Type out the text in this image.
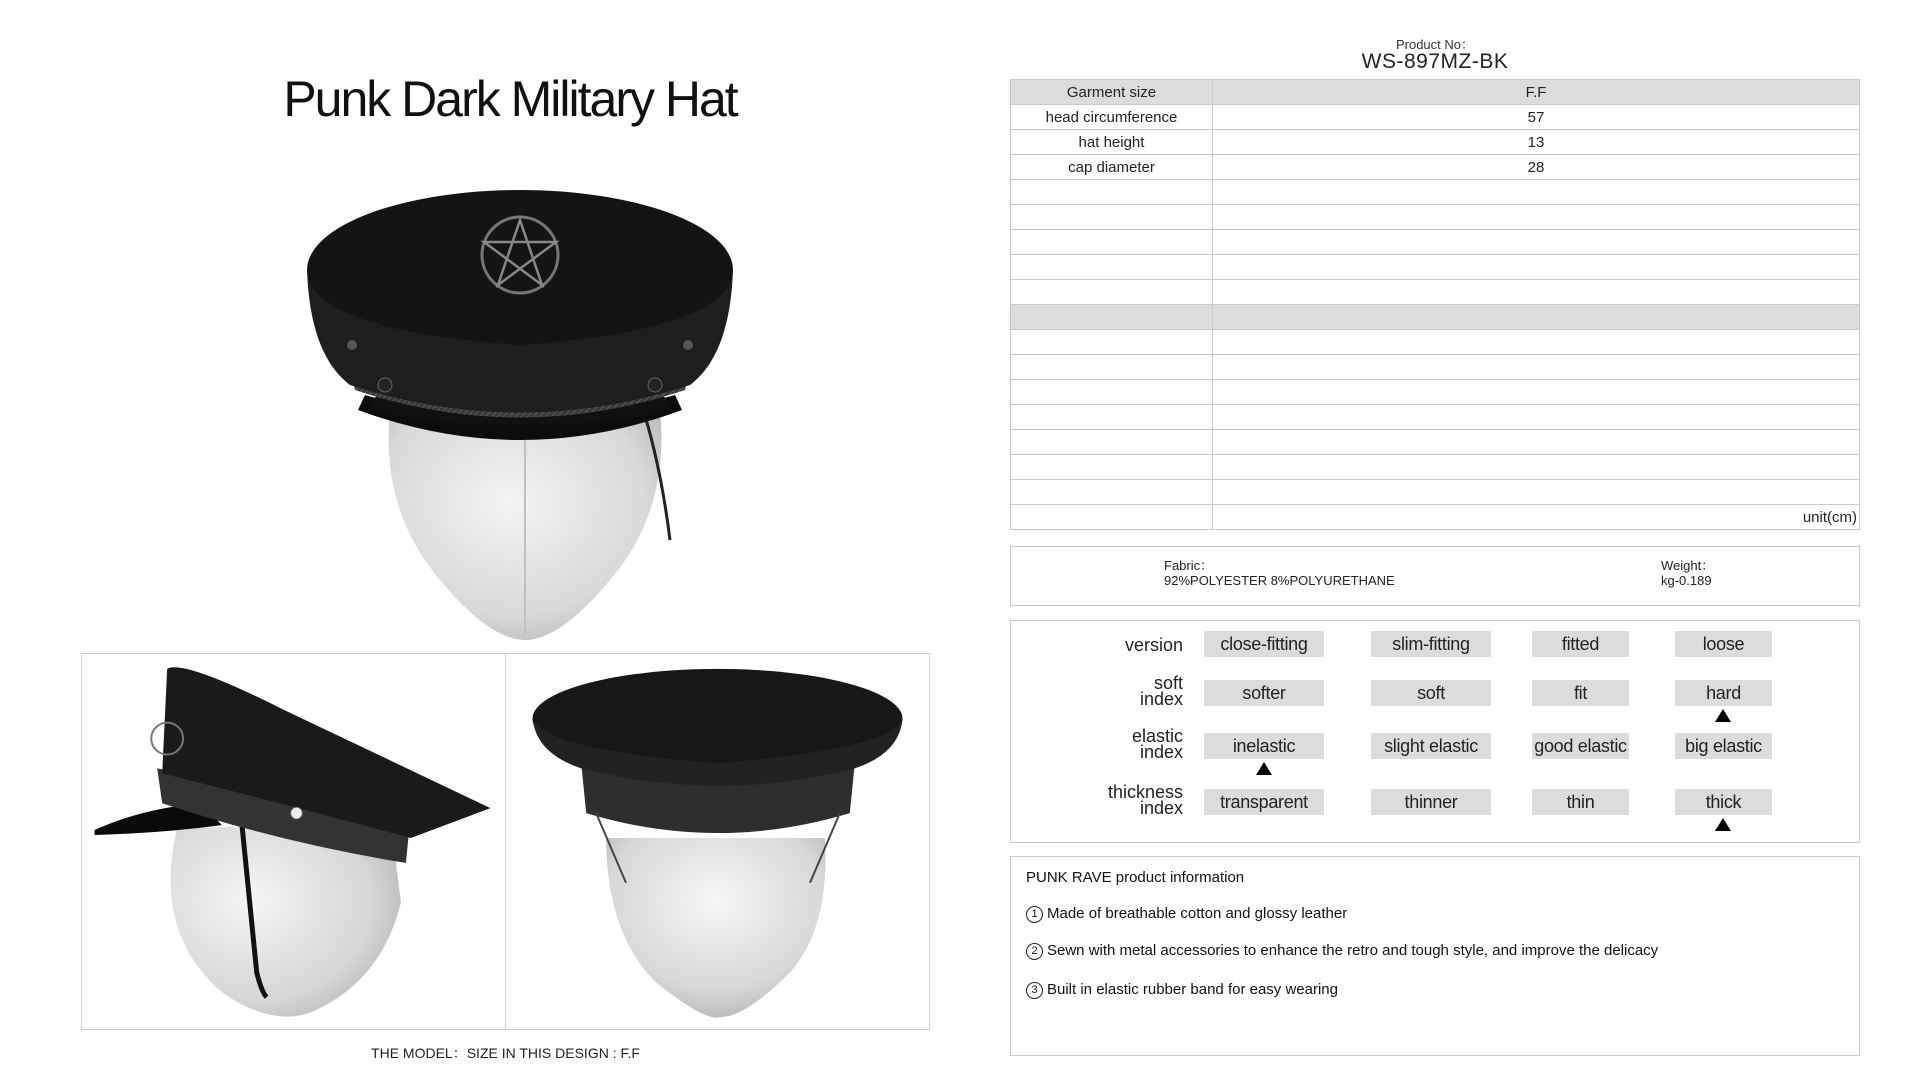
Punk Dark Military Hat
THE MODEL：SIZE IN THIS DESIGN : F.F
Product No：
WS-897MZ-BK
Garment size	F.F
head circumference	57
hat height	13
cap diameter	28

	unit(cm)
Fabric：
92%POLYESTER 8%POLYURETHANE
Weight：
kg-0.189
version	close-fitting	slim-fitting	fitted	loose
soft
index	softer	soft	fit	hard
elastic
index	inelastic	slight elastic	good elastic	big elastic
thickness
index	transparent	thinner	thin	thick
PUNK RAVE product information
1 Made of breathable cotton and glossy leather
2 Sewn with metal accessories to enhance the retro and tough style, and improve the delicacy
3 Built in elastic rubber band for easy wearing
